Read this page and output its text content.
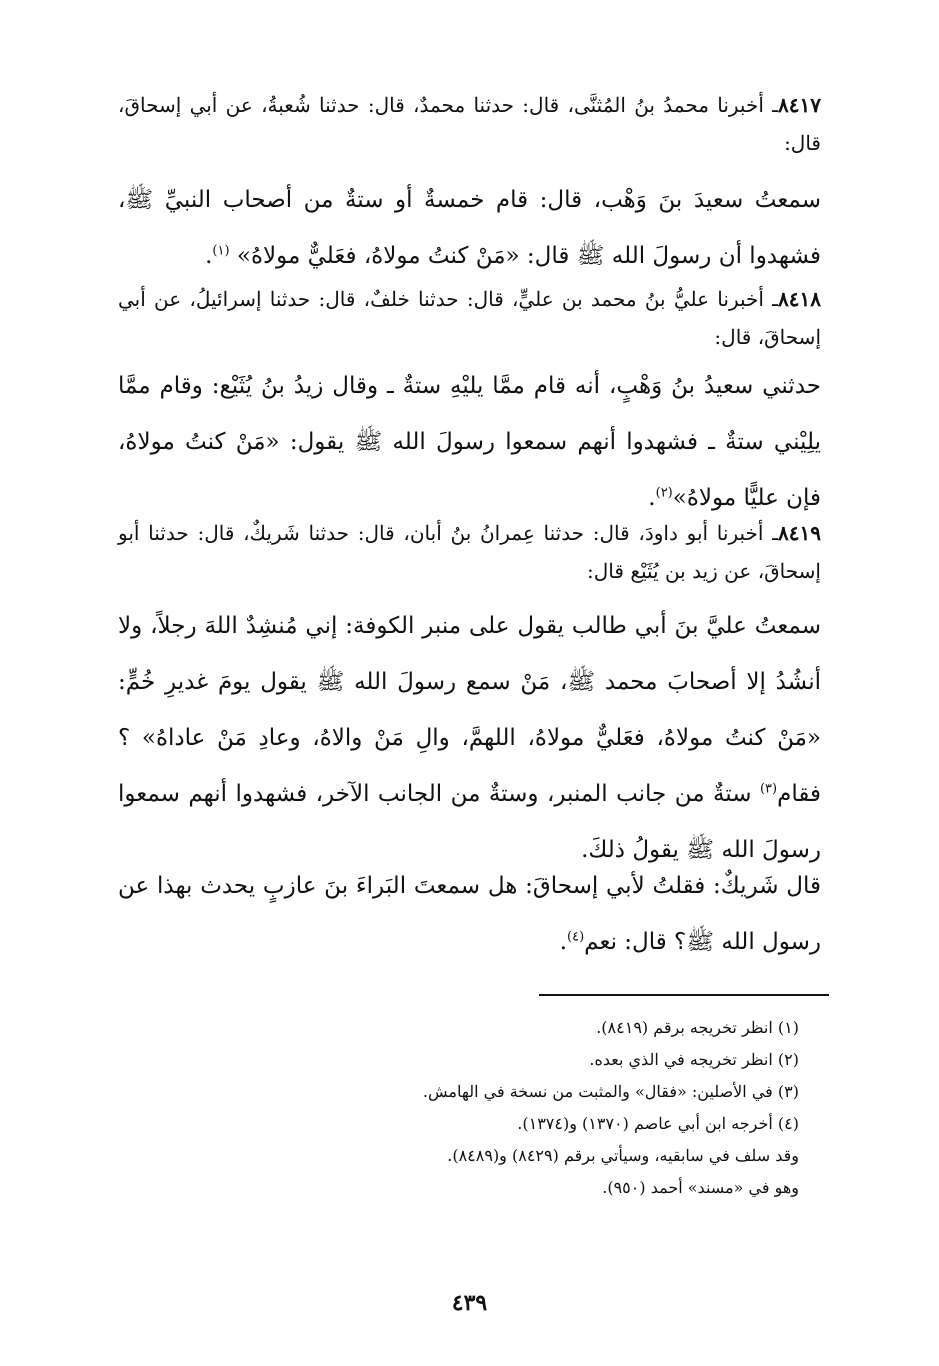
٨٤١٧ـ أخبرنا محمدُ بنُ المُثنَّى، قال: حدثنا محمدٌ، قال: حدثنا شُعبةُ، عن أبي إسحاقَ، قال:

سمعتُ سعيدَ بنَ وَهْب، قال: قام خمسةٌ أو ستةٌ من أصحاب النبيِّ ﷺ، فشهدوا أن رسولَ الله ﷺ قال: «مَنْ كنتُ مولاهُ، فعَليٌّ مولاهُ» $^{(١)}$.

٨٤١٨ـ أخبرنا عليُّ بنُ محمد بن عليٍّ، قال: حدثنا خلفٌ، قال: حدثنا إسرائيلُ، عن أبي إسحاقَ، قال:

حدثني سعيدُ بنُ وَهْبٍ، أنه قام ممَّا يليْهِ ستةٌ ـ وقال زيدُ بنُ يُثَيْع: وقام ممَّا يلِيْني ستةٌ ـ فشهدوا أنهم سمعوا رسولَ الله ﷺ يقول: «مَنْ كنتُ مولاهُ، فإن عليًّا مولاهُ»$^{(٢)}$.

٨٤١٩ـ أخبرنا أبو داودَ، قال: حدثنا عِمرانُ بنُ أبان، قال: حدثنا شَريكٌ، قال: حدثنا أبو إسحاقَ، عن زيد بن يُثَيْع قال:

سمعتُ عليَّ بنَ أبي طالب يقول على منبر الكوفة: إني مُنشِدٌ اللهَ رجلاً، ولا أنشُدُ إلا أصحابَ محمد ﷺ، مَنْ سمع رسولَ الله ﷺ يقول يومَ غديرِ خُمٍّ: «مَنْ كنتُ مولاهُ، فعَليٌّ مولاهُ، اللهمَّ، والِ مَنْ والاهُ، وعادِ مَنْ عاداهُ» ؟ فقام$^{(٣)}$ ستةٌ من جانب المنبر، وستةٌ من الجانب الآخر، فشهدوا أنهم سمعوا رسولَ الله ﷺ يقولُ ذلكَ.

قال شَريكٌ: فقلتُ لأبي إسحاقَ: هل سمعتَ البَراءَ بنَ عازبٍ يحدث بهذا عن رسول الله ﷺ؟ قال: نعم$^{(٤)}$.

(١) انظر تخريجه برقم (٨٤١٩).
(٢) انظر تخريجه في الذي بعده.
(٣) في الأصلين: «فقال» والمثبت من نسخة في الهامش.
(٤) أخرجه ابن أبي عاصم (١٣٧٠) و(١٣٧٤).
وقد سلف في سابقيه، وسيأتي برقم (٨٤٢٩) و(٨٤٨٩).
وهو في «مسند» أحمد (٩٥٠).
٤٣٩
